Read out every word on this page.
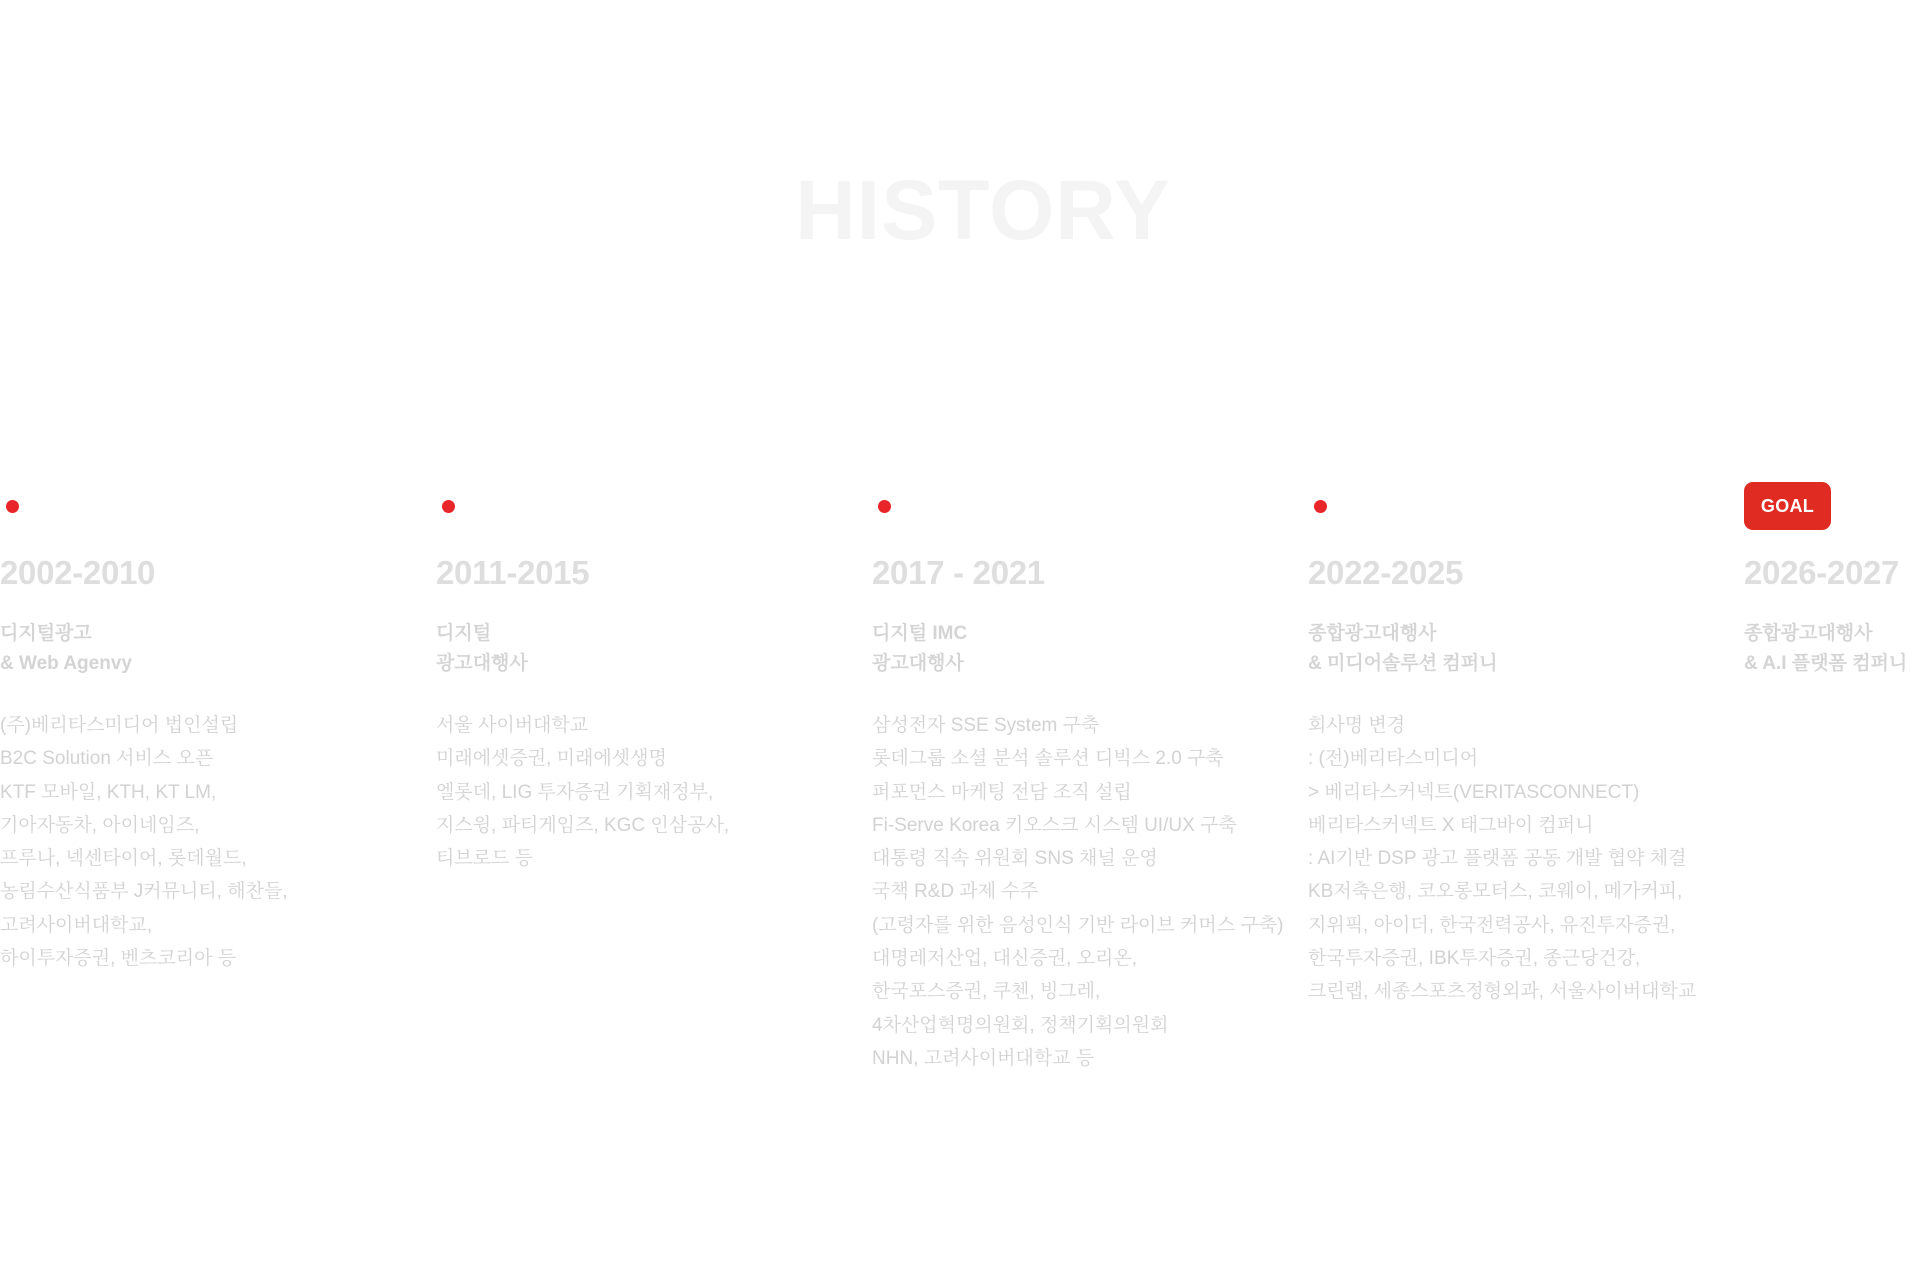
HISTORY
2002-2010
디지털광고
& Web Agenvy
(주)베리타스미디어 법인설립
B2C Solution 서비스 오픈
KTF 모바일, KTH, KT LM,
기아자동차, 아이네임즈,
프루나, 넥센타이어, 롯데월드,
농림수산식품부 J커뮤니티, 해찬들,
고려사이버대학교,
하이투자증권, 벤츠코리아 등
2011-2015
디지털
광고대행사
서울 사이버대학교
미래에셋증권, 미래에셋생명
엘롯데, LIG 투자증권 기획재정부,
지스윙, 파티게임즈, KGC 인삼공사,
티브로드 등
2017 - 2021
디지털 IMC
광고대행사
삼성전자 SSE System 구축
롯데그룹 소셜 분석 솔루션 디빅스 2.0 구축
퍼포먼스 마케팅 전담 조직 설립
Fi-Serve Korea 키오스크 시스템 UI/UX 구축
대통령 직속 위원회 SNS 채널 운영
국책 R&D 과제 수주
(고령자를 위한 음성인식 기반 라이브 커머스 구축)
대명레저산업, 대신증권, 오리온,
한국포스증권, 쿠첸, 빙그레,
4차산업혁명의원회, 정책기획의원회
NHN, 고려사이버대학교 등
2022-2025
종합광고대행사
& 미디어솔루션 컴퍼니
회사명 변경
: (전)베리타스미디어
> 베리타스커넥트(VERITASCONNECT)
베리타스커넥트 X 태그바이 컴퍼니
: AI기반 DSP 광고 플랫폼 공동 개발 협약 체결
KB저축은행, 코오롱모터스, 코웨이, 메가커피,
지위픽, 아이더, 한국전력공사, 유진투자증권,
한국투자증권, IBK투자증권, 종근당건강,
크린랩, 세종스포츠정형외과, 서울사이버대학교
GOAL
2026-2027
종합광고대행사
& A.I 플랫폼 컴퍼니
